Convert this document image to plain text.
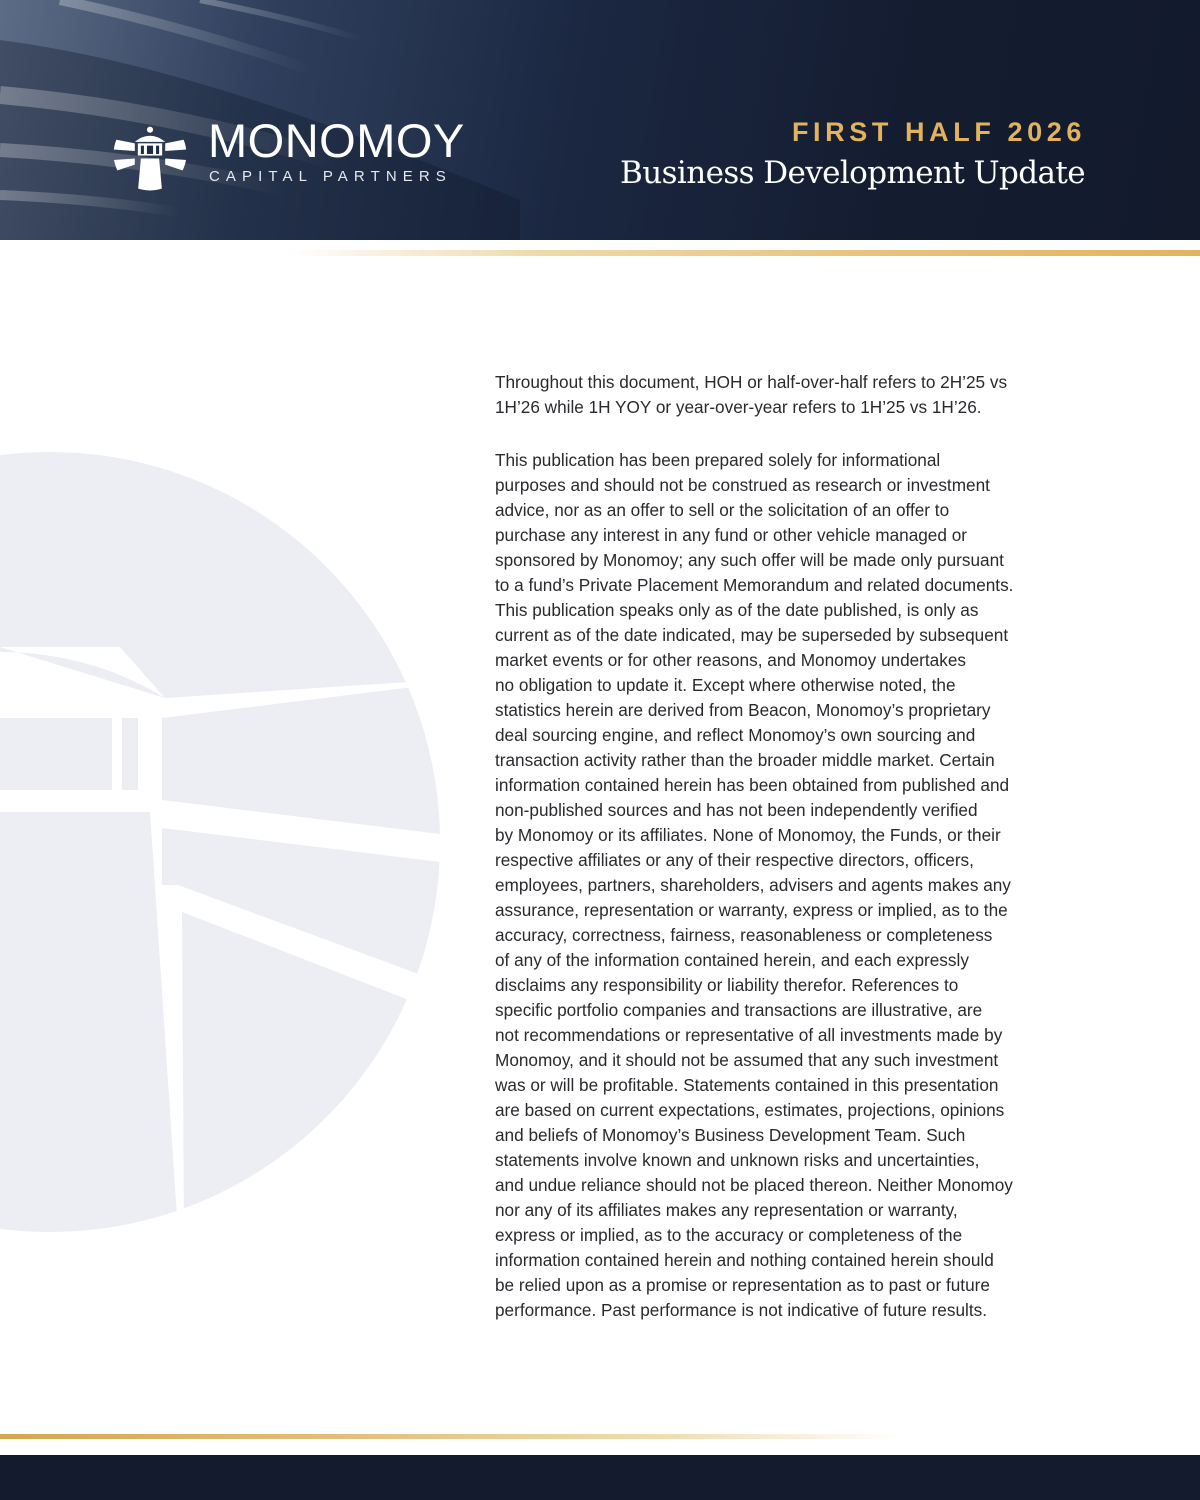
MONOMOY
CAPITAL PARTNERS
FIRST HALF 2026
Business Development Update

Throughout this document, HOH or half-over-half refers to 2H’25 vs
1H’26 while 1H YOY or year-over-year refers to 1H’25 vs 1H’26.

This publication has been prepared solely for informational
purposes and should not be construed as research or investment
advice, nor as an offer to sell or the solicitation of an offer to
purchase any interest in any fund or other vehicle managed or
sponsored by Monomoy; any such offer will be made only pursuant
to a fund’s Private Placement Memorandum and related documents.
This publication speaks only as of the date published, is only as
current as of the date indicated, may be superseded by subsequent
market events or for other reasons, and Monomoy undertakes
no obligation to update it. Except where otherwise noted, the
statistics herein are derived from Beacon, Monomoy’s proprietary
deal sourcing engine, and reflect Monomoy’s own sourcing and
transaction activity rather than the broader middle market. Certain
information contained herein has been obtained from published and
non-published sources and has not been independently verified
by Monomoy or its affiliates. None of Monomoy, the Funds, or their
respective affiliates or any of their respective directors, officers,
employees, partners, shareholders, advisers and agents makes any
assurance, representation or warranty, express or implied, as to the
accuracy, correctness, fairness, reasonableness or completeness
of any of the information contained herein, and each expressly
disclaims any responsibility or liability therefor. References to
specific portfolio companies and transactions are illustrative, are
not recommendations or representative of all investments made by
Monomoy, and it should not be assumed that any such investment
was or will be profitable. Statements contained in this presentation
are based on current expectations, estimates, projections, opinions
and beliefs of Monomoy’s Business Development Team. Such
statements involve known and unknown risks and uncertainties,
and undue reliance should not be placed thereon. Neither Monomoy
nor any of its affiliates makes any representation or warranty,
express or implied, as to the accuracy or completeness of the
information contained herein and nothing contained herein should
be relied upon as a promise or representation as to past or future
performance. Past performance is not indicative of future results.
